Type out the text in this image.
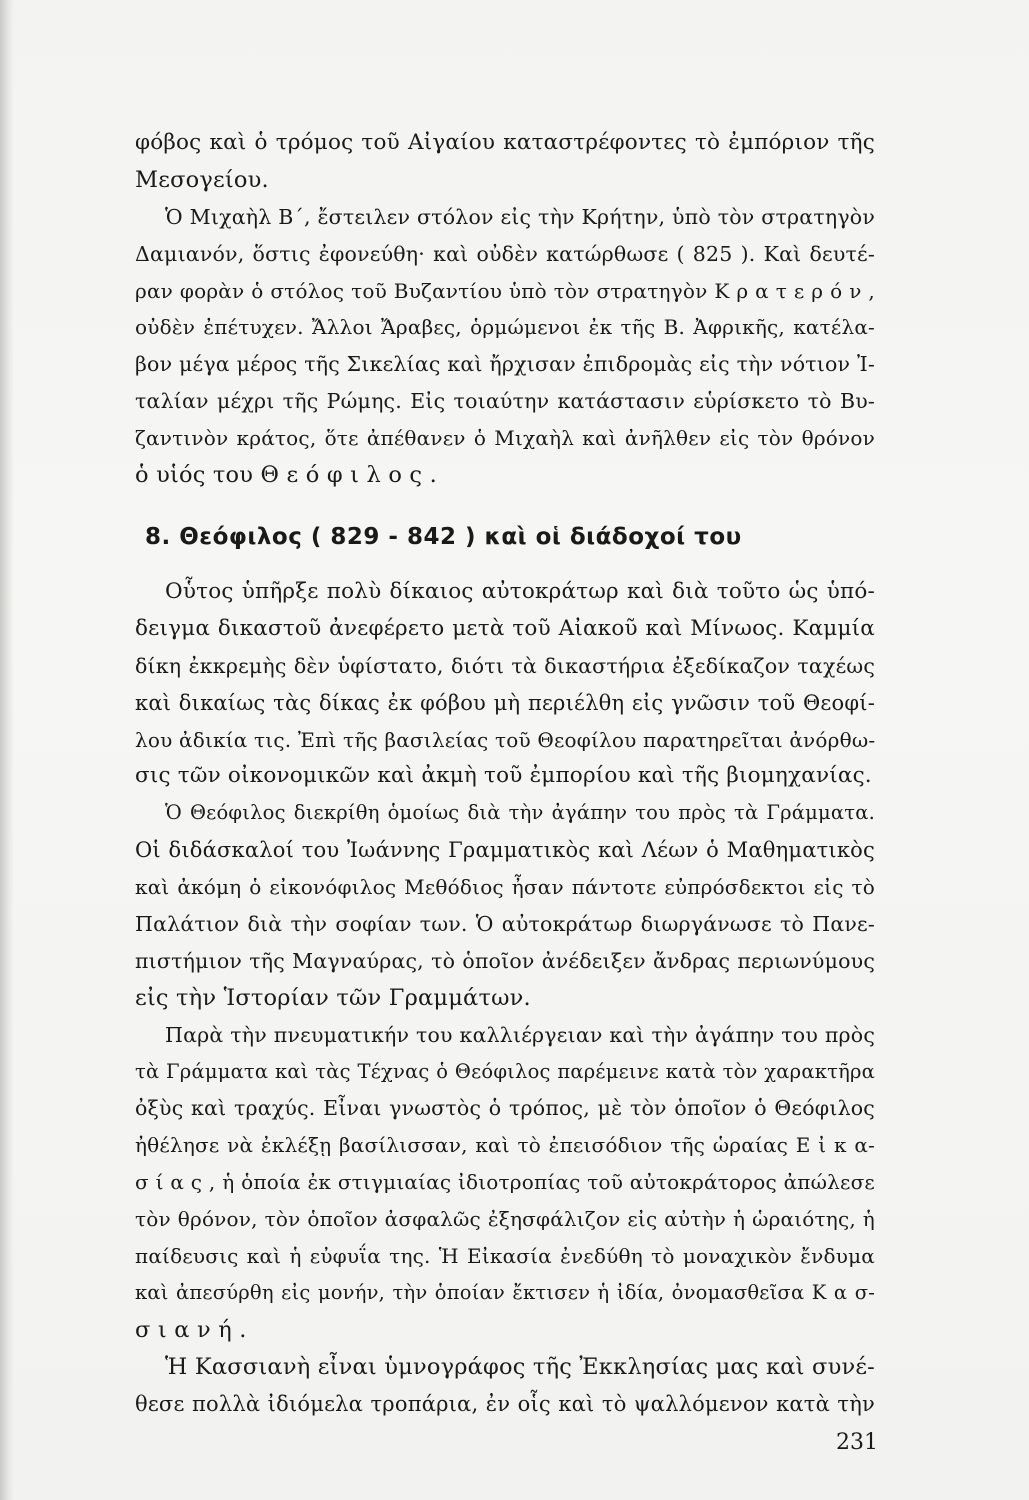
φόβος καὶ ὁ τρόμος τοῦ Αἰγαίου καταστρέφοντες τὸ ἐμπόριον τῆς
Μεσογείου.
Ὁ Μιχαὴλ Β΄, ἔστειλεν στόλον εἰς τὴν Κρήτην, ὑπὸ τὸν στρατηγὸν
Δαμιανόν, ὅστις ἐφονεύθη· καὶ οὐδὲν κατώρθωσε ( 825 ). Καὶ δευτέ-
ραν φορὰν ὁ στόλος τοῦ Βυζαντίου ὑπὸ τὸν στρατηγὸν Κ ρ α τ ε ρ ό ν ,
οὐδὲν ἐπέτυχεν. Ἄλλοι Ἄραβες, ὁρμώμενοι ἐκ τῆς Β. Ἀφρικῆς, κατέλα-
βον μέγα μέρος τῆς Σικελίας καὶ ἤρχισαν ἐπιδρομὰς εἰς τὴν νότιον Ἰ-
ταλίαν μέχρι τῆς Ρώμης. Εἰς τοιαύτην κατάστασιν εὑρίσκετο τὸ Βυ-
ζαντινὸν κράτος, ὅτε ἀπέθανεν ὁ Μιχαὴλ καὶ ἀνῆλθεν εἰς τὸν θρόνον
ὁ υἱός του Θ ε ό φ ι λ ο ς .
8. Θεόφιλος ( 829 - 842 ) καὶ οἱ διάδοχοί του
Οὗτος ὑπῆρξε πολὺ δίκαιος αὐτοκράτωρ καὶ διὰ τοῦτο ὡς ὑπό-
δειγμα δικαστοῦ ἀνεφέρετο μετὰ τοῦ Αἰακοῦ καὶ Μίνωος. Καμμία
δίκη ἐκκρεμὴς δὲν ὑφίστατο, διότι τὰ δικαστήρια ἐξεδίκαζον ταχέως
καὶ δικαίως τὰς δίκας ἐκ φόβου μὴ περιέλθη εἰς γνῶσιν τοῦ Θεοφί-
λου ἀδικία τις. Ἐπὶ τῆς βασιλείας τοῦ Θεοφίλου παρατηρεῖται ἀνόρθω-
σις τῶν οἰκονομικῶν καὶ ἀκμὴ τοῦ ἐμπορίου καὶ τῆς βιομηχανίας.
Ὁ Θεόφιλος διεκρίθη ὁμοίως διὰ τὴν ἀγάπην του πρὸς τὰ Γράμματα.
Οἱ διδάσκαλοί του Ἰωάννης Γραμματικὸς καὶ Λέων ὁ Μαθηματικὸς
καὶ ἀκόμη ὁ εἰκονόφιλος Μεθόδιος ἦσαν πάντοτε εὐπρόσδεκτοι εἰς τὸ
Παλάτιον διὰ τὴν σοφίαν των. Ὁ αὐτοκράτωρ διωργάνωσε τὸ Πανε-
πιστήμιον τῆς Μαγναύρας, τὸ ὁποῖον ἀνέδειξεν ἄνδρας περιωνύμους
εἰς τὴν Ἱστορίαν τῶν Γραμμάτων.
Παρὰ τὴν πνευματικήν του καλλιέργειαν καὶ τὴν ἀγάπην του πρὸς
τὰ Γράμματα καὶ τὰς Τέχνας ὁ Θεόφιλος παρέμεινε κατὰ τὸν χαρακτῆρα
ὀξὺς καὶ τραχύς. Εἶναι γνωστὸς ὁ τρόπος, μὲ τὸν ὁποῖον ὁ Θεόφιλος
ἠθέλησε νὰ ἐκλέξῃ βασίλισσαν, καὶ τὸ ἐπεισόδιον τῆς ὡραίας Ε ἰ κ α-
σ ί α ς , ἡ ὁποία ἐκ στιγμιαίας ἰδιοτροπίας τοῦ αὐτοκράτορος ἀπώλεσε
τὸν θρόνον, τὸν ὁποῖον ἀσφαλῶς ἐξησφάλιζον εἰς αὐτὴν ἡ ὡραιότης, ἡ
παίδευσις καὶ ἡ εὐφυΐα της. Ἡ Εἰκασία ἐνεδύθη τὸ μοναχικὸν ἔνδυμα
καὶ ἀπεσύρθη εἰς μονήν, τὴν ὁποίαν ἔκτισεν ἡ ἰδία, ὀνομασθεῖσα Κ α σ-
σ ι α ν ή .
Ἡ Κασσιανὴ εἶναι ὑμνογράφος τῆς Ἐκκλησίας μας καὶ συνέ-
θεσε πολλὰ ἰδιόμελα τροπάρια, ἐν οἷς καὶ τὸ ψαλλόμενον κατὰ τὴν
231
